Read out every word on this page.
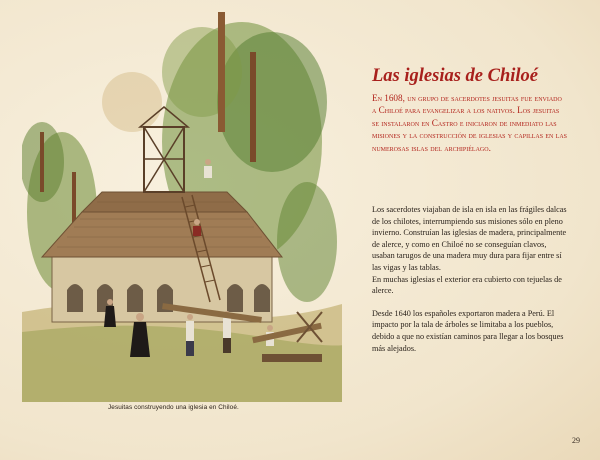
Jesuitas construyendo una iglesia en Chiloé.
Las iglesias de Chiloé

En 1608, un grupo de sacerdotes jesuitas fue enviado a Chiloé para evangelizar a los nativos. Los jesuitas se instalaron en Castro e iniciaron de inmediato las misiones y la construcción de iglesias y capillas en las numerosas islas del archipiélago.

Los sacerdotes viajaban de isla en isla en las frágiles dalcas de los chilotes, interrumpiendo sus misiones sólo en pleno invierno. Construían las iglesias de madera, principalmente de alerce, y como en Chiloé no se conseguían clavos, usaban tarugos de una madera muy dura para fijar entre sí las vigas y las tablas.

En muchas iglesias el exterior era cubierto con tejuelas de alerce.

Desde 1640 los españoles exportaron madera a Perú. El impacto por la tala de árboles se limitaba a los pueblos, debido a que no existían caminos para llegar a los bosques más alejados.

29
